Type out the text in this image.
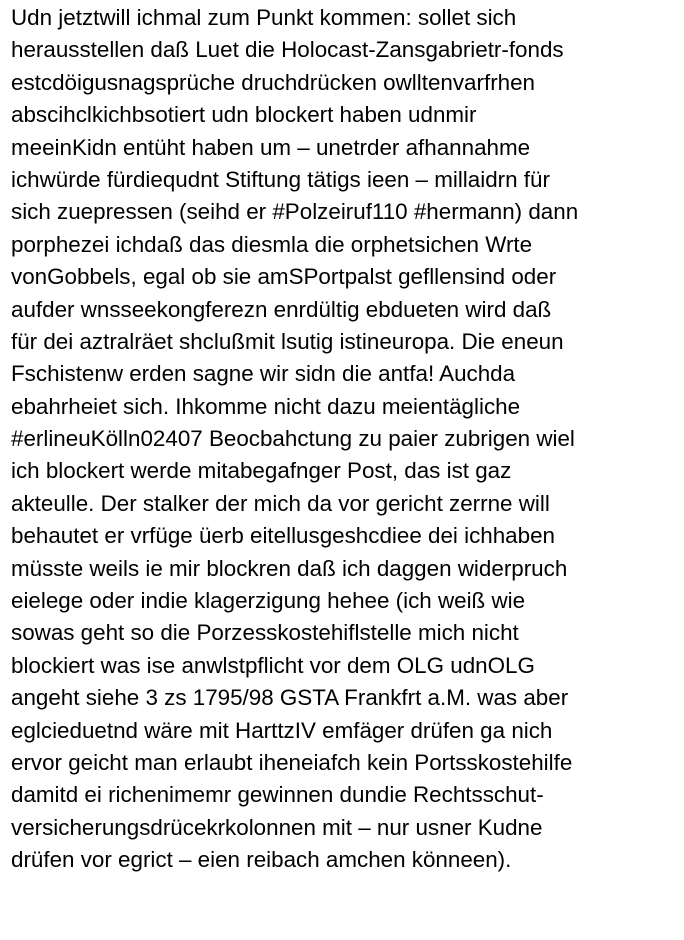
Udn jetztwill ichmal zum Punkt kommen: sollet sich
herausstellen daß Luet die Holocast-Zansgabrietr-fonds
estcdöigusnagsprüche druchdrücken owlltenvarfrhen
abscihclkichbsotiert udn blockert haben udnmir
meeinKidn entüht haben um – unetrder afhannahme
ichwürde fürdiequdnt Stiftung tätigs ieen – millaidrn für
sich zuepressen (seihd er #Polzeiruf110 #hermann) dann
porphezei ichdaß das diesmla die orphetsichen Wrte
vonGobbels, egal ob sie amSPortpalst gefllensind oder
aufder wnsseekongferezn enrdültig ebdueten wird daß
für dei aztralräet shclußmit lsutig istineuropa. Die eneun
Fschistenw erden sagne wir sidn die antfa! Auchda
ebahrheiet sich. Ihkomme nicht dazu meientägliche
#erlineuKölln02407 Beocbahctung zu paier zubrigen wiel
ich blockert werde mitabegafnger Post, das ist gaz
akteulle. Der stalker der mich da vor gericht zerrne will
behautet er vrfüge üerb eitellusgeshcdiee dei ichhaben
müsste weils ie mir blockren daß ich daggen widerpruch
eielege oder indie klagerzigung hehee (ich weiß wie
sowas geht so die Porzesskostehiflstelle mich nicht
blockiert was ise anwlstpflicht vor dem OLG udnOLG
angeht siehe 3 zs 1795/98 GSTA Frankfrt a.M. was aber
eglcieduetnd wäre mit HarttzIV emfäger drüfen ga nich
ervor geicht man erlaubt iheneiafch kein Portsskostehilfe
damitd ei richenimemr gewinnen dundie Rechtsschut-
versicherungsdrücekrkolonnen mit – nur usner Kudne
drüfen vor egrict – eien reibach amchen könneen).
